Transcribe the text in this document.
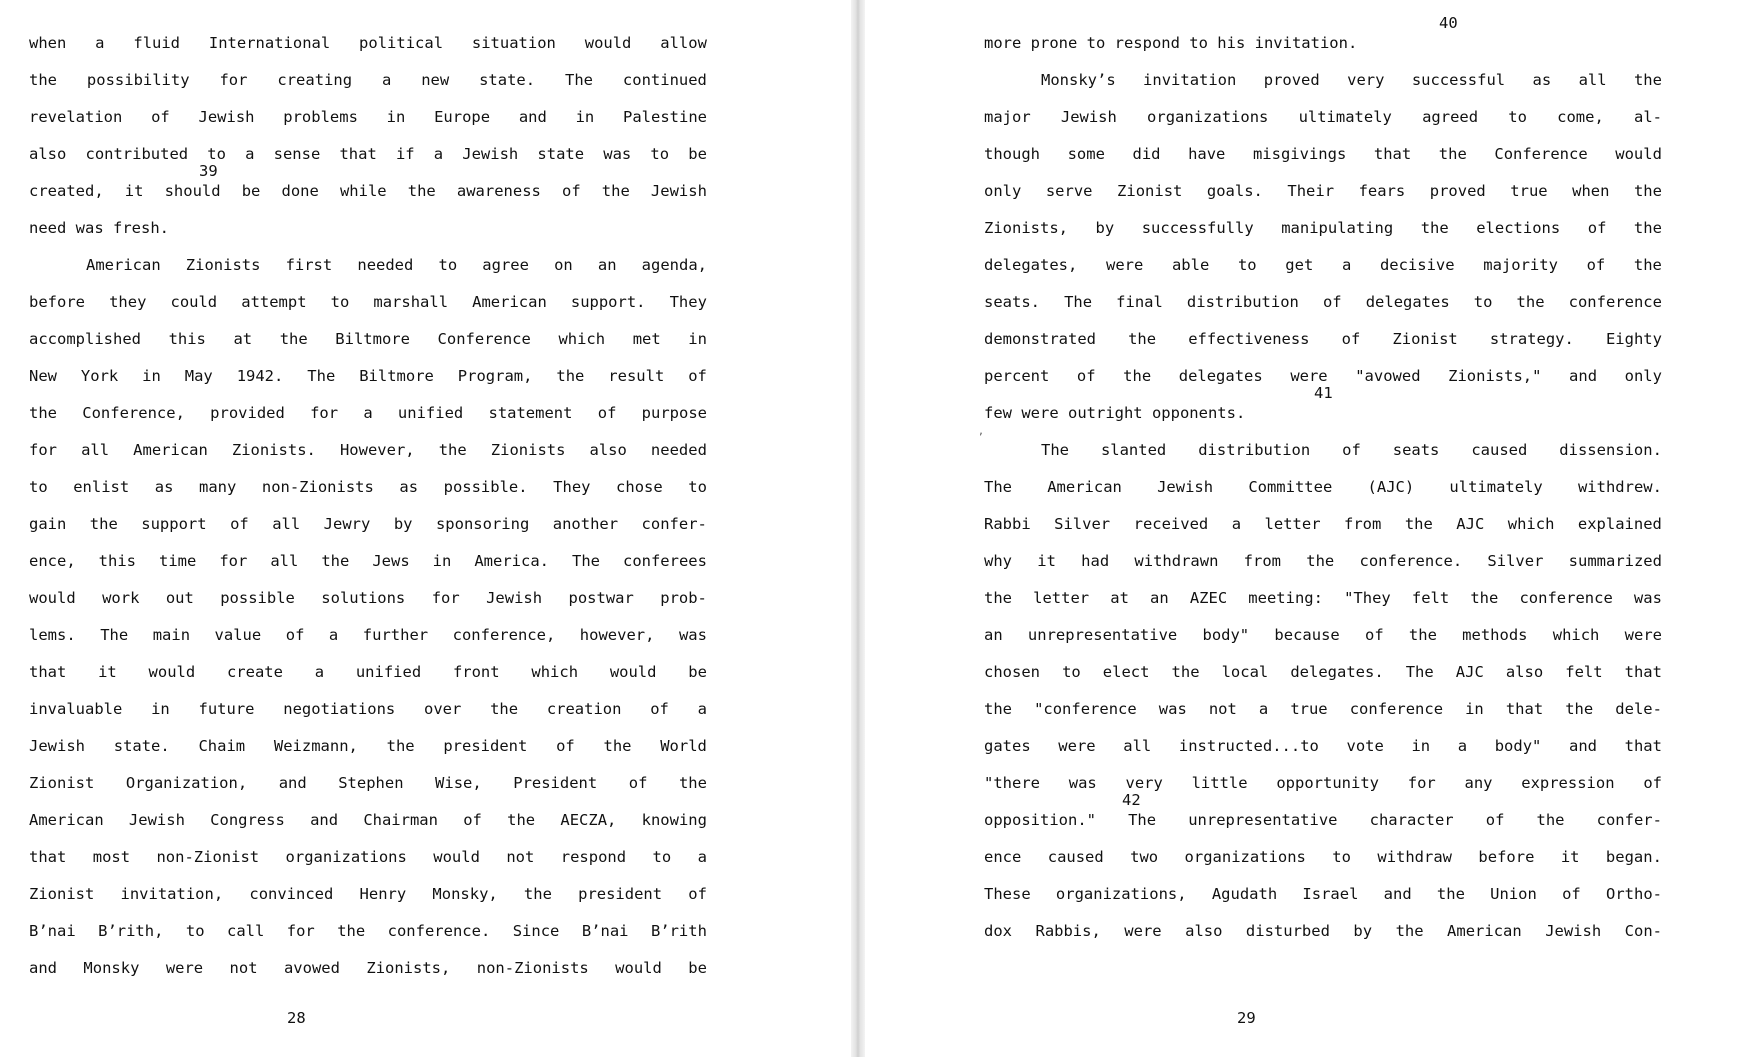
when a fluid International political situation would allow
the possibility for creating a new state. The continued
revelation of Jewish problems in Europe and in Palestine
also contributed to a sense that if a Jewish state was to be
created, it should be done while the awareness of the Jewish
39
need was fresh.
American Zionists first needed to agree on an agenda,
before they could attempt to marshall American support. They
accomplished this at the Biltmore Conference which met in
New York in May 1942. The Biltmore Program, the result of
the Conference, provided for a unified statement of purpose
for all American Zionists. However, the Zionists also needed
to enlist as many non-Zionists as possible. They chose to
gain the support of all Jewry by sponsoring another confer-
ence, this time for all the Jews in America. The conferees
would work out possible solutions for Jewish postwar prob-
lems. The main value of a further conference, however, was
that it would create a unified front which would be
invaluable in future negotiations over the creation of a
Jewish state. Chaim Weizmann, the president of the World
Zionist Organization, and Stephen Wise, President of the
American Jewish Congress and Chairman of the AECZA, knowing
that most non-Zionist organizations would not respond to a
Zionist invitation, convinced Henry Monsky, the president of
B’nai B’rith, to call for the conference. Since B’nai B’rith
and Monsky were not avowed Zionists, non-Zionists would be
28
more prone to respond to his invitation.
40
Monsky’s invitation proved very successful as all the
major Jewish organizations ultimately agreed to come, al-
though some did have misgivings that the Conference would
only serve Zionist goals. Their fears proved true when the
Zionists, by successfully manipulating the elections of the
delegates, were able to get a decisive majority of the
seats. The final distribution of delegates to the conference
demonstrated the effectiveness of Zionist strategy. Eighty
percent of the delegates were "avowed Zionists," and only
few were outright opponents.
41
The slanted distribution of seats caused dissension.
The American Jewish Committee (AJC) ultimately withdrew.
Rabbi Silver received a letter from the AJC which explained
why it had withdrawn from the conference. Silver summarized
the letter at an AZEC meeting: "They felt the conference was
an unrepresentative body" because of the methods which were
chosen to elect the local delegates. The AJC also felt that
the "conference was not a true conference in that the dele-
gates were all instructed...to vote in a body" and that
"there was very little opportunity for any expression of
opposition." The unrepresentative character of the confer-
42
ence caused two organizations to withdraw before it began.
These organizations, Agudath Israel and the Union of Ortho-
dox Rabbis, were also disturbed by the American Jewish Con-
29
,
